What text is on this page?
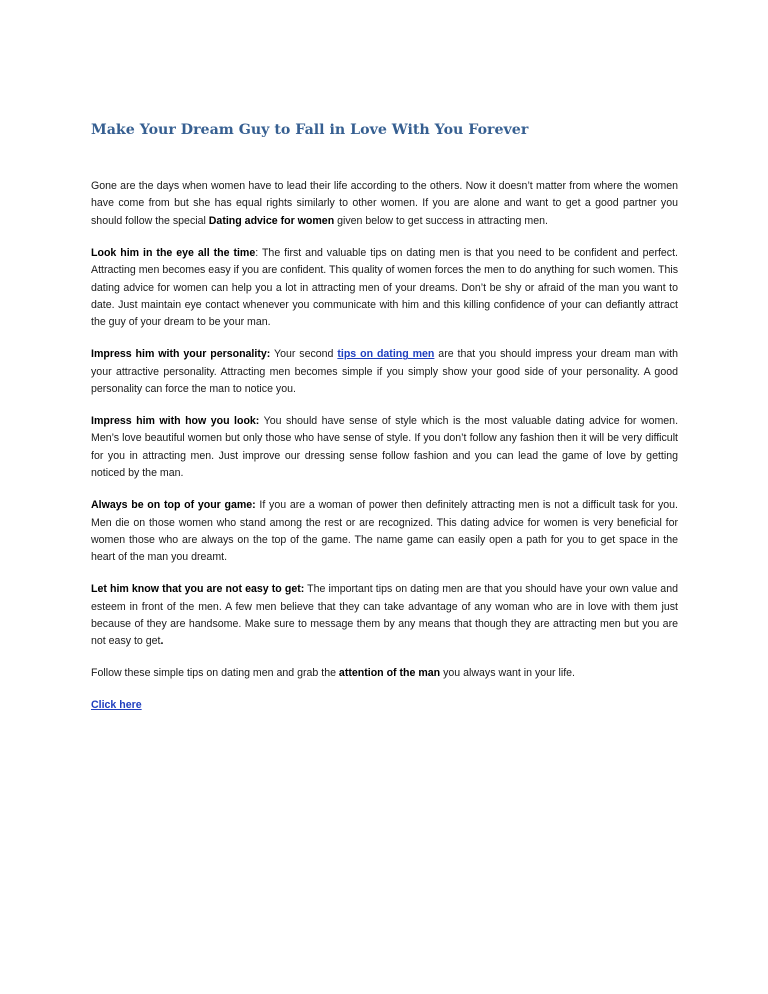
Make Your Dream Guy to Fall in Love With You Forever

Gone are the days when women have to lead their life according to the others. Now it doesn’t matter from where the women have come from but she has equal rights similarly to other women. If you are alone and want to get a good partner you should follow the special Dating advice for women given below to get success in attracting men.

Look him in the eye all the time: The first and valuable tips on dating men is that you need to be confident and perfect. Attracting men becomes easy if you are confident. This quality of women forces the men to do anything for such women. This dating advice for women can help you a lot in attracting men of your dreams. Don’t be shy or afraid of the man you want to date. Just maintain eye contact whenever you communicate with him and this killing confidence of your can defiantly attract the guy of your dream to be your man.

Impress him with your personality: Your second tips on dating men are that you should impress your dream man with your attractive personality. Attracting men becomes simple if you simply show your good side of your personality. A good personality can force the man to notice you.

Impress him with how you look: You should have sense of style which is the most valuable dating advice for women. Men’s love beautiful women but only those who have sense of style. If you don’t follow any fashion then it will be very difficult for you in attracting men. Just improve our dressing sense follow fashion and you can lead the game of love by getting noticed by the man.

Always be on top of your game: If you are a woman of power then definitely attracting men is not a difficult task for you. Men die on those women who stand among the rest or are recognized. This dating advice for women is very beneficial for women those who are always on the top of the game. The name game can easily open a path for you to get space in the heart of the man you dreamt.

Let him know that you are not easy to get: The important tips on dating men are that you should have your own value and esteem in front of the men. A few men believe that they can take advantage of any woman who are in love with them just because of they are handsome. Make sure to message them by any means that though they are attracting men but you are not easy to get.

Follow these simple tips on dating men and grab the attention of the man you always want in your life.

Click here
